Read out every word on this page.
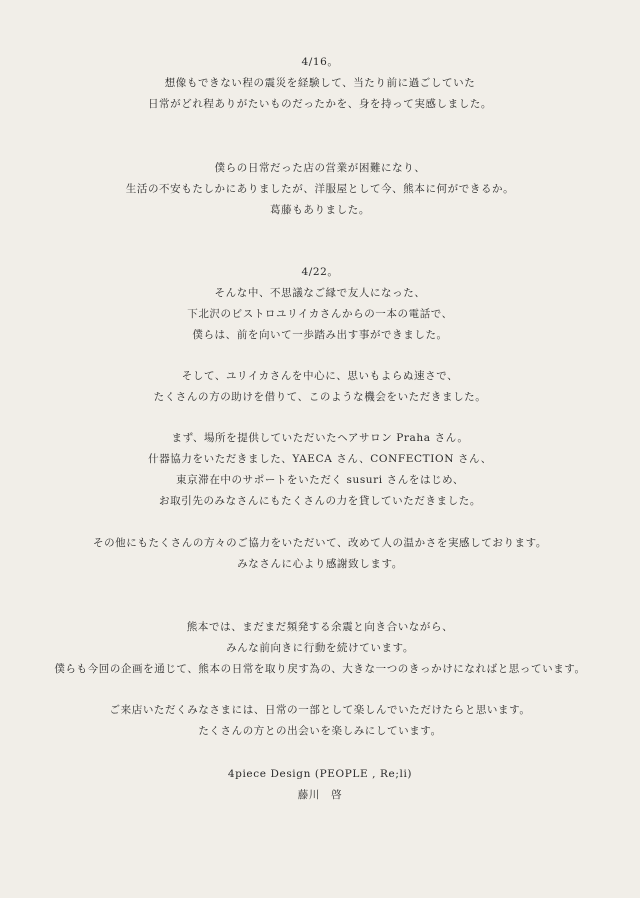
4/16。
想像もできない程の震災を経験して、当たり前に過ごしていた
日常がどれ程ありがたいものだったかを、身を持って実感しました。
僕らの日常だった店の営業が困難になり、
生活の不安もたしかにありましたが、洋服屋として今、熊本に何ができるか。
葛藤もありました。
4/22。
そんな中、不思議なご縁で友人になった、
下北沢のビストロユリイカさんからの一本の電話で、
僕らは、前を向いて一歩踏み出す事ができました。
そして、ユリイカさんを中心に、思いもよらぬ速さで、
たくさんの方の助けを借りて、このような機会をいただきました。
まず、場所を提供していただいたヘアサロン Praha さん。
什器協力をいただきました、YAECA さん、CONFECTION さん、
東京滞在中のサポートをいただく susuri さんをはじめ、
お取引先のみなさんにもたくさんの力を貸していただきました。
その他にもたくさんの方々のご協力をいただいて、改めて人の温かさを実感しております。
みなさんに心より感謝致します。
熊本では、まだまだ頻発する余震と向き合いながら、
みんな前向きに行動を続けています。
僕らも今回の企画を通じて、熊本の日常を取り戻す為の、大きな一つのきっかけになればと思っています。
ご来店いただくみなさまには、日常の一部として楽しんでいただけたらと思います。
たくさんの方との出会いを楽しみにしています。
4piece Design (PEOPLE , Re;li)
藤川　啓
